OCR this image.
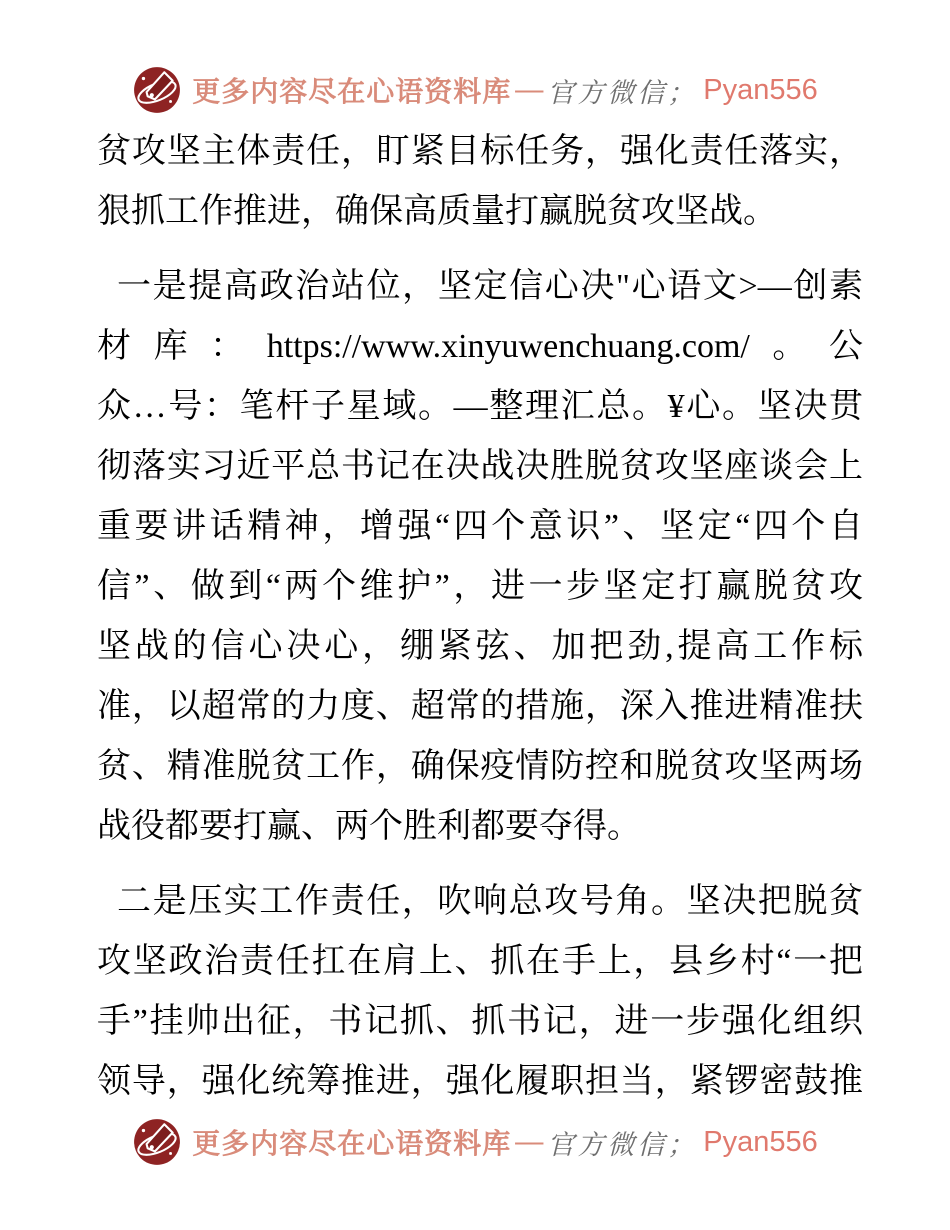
更多内容尽在心语资料库 — 官方微信； Pyan556
贫攻坚主体责任，盯紧目标任务，强化责任落实，
狠抓工作推进，确保高质量打赢脱贫攻坚战。
一是提高政治站位，坚定信心决"心语文>—创素
材库：https://www.xinyuwenchuang.com/。公
众…号：笔杆子星域。—整理汇总。¥心。坚决贯
彻落实习近平总书记在决战决胜脱贫攻坚座谈会上
重要讲话精神，增强“四个意识”、坚定“四个自
信”、做到“两个维护”，进一步坚定打赢脱贫攻
坚战的信心决心，绷紧弦、加把劲,提高工作标
准，以超常的力度、超常的措施，深入推进精准扶
贫、精准脱贫工作，确保疫情防控和脱贫攻坚两场
战役都要打赢、两个胜利都要夺得。
二是压实工作责任，吹响总攻号角。坚决把脱贫
攻坚政治责任扛在肩上、抓在手上，县乡村“一把
手”挂帅出征，书记抓、抓书记，进一步强化组织
领导，强化统筹推进，强化履职担当，紧锣密鼓推
更多内容尽在心语资料库 — 官方微信； Pyan556
